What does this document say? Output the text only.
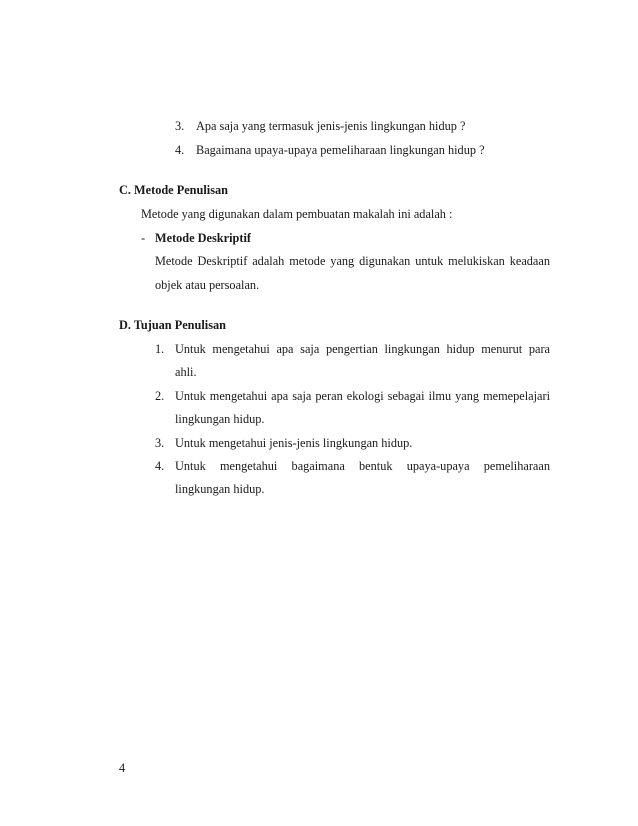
3. Apa saja yang termasuk jenis-jenis lingkungan hidup ?
4. Bagaimana upaya-upaya pemeliharaan lingkungan hidup ?
C. Metode Penulisan
Metode yang digunakan dalam pembuatan makalah ini adalah :
- Metode Deskriptif
Metode Deskriptif adalah metode yang digunakan untuk melukiskan keadaan
objek atau persoalan.
D. Tujuan Penulisan
1. Untuk mengetahui apa saja pengertian lingkungan hidup menurut para
ahli.
2. Untuk mengetahui apa saja peran ekologi sebagai ilmu yang memepelajari
lingkungan hidup.
3. Untuk mengetahui jenis-jenis lingkungan hidup.
4. Untuk    mengetahui    bagaimana    bentuk    upaya-upaya    pemeliharaan
lingkungan hidup.
4
